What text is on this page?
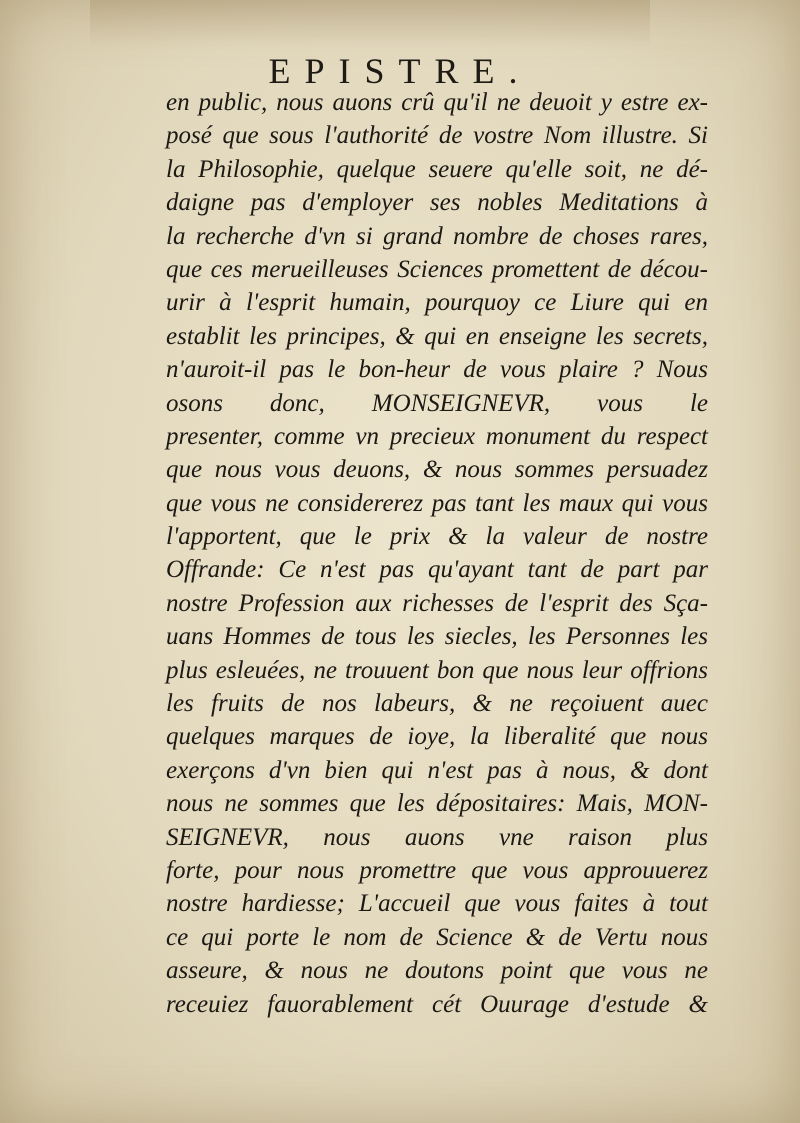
EPISTRE.
en public, nous auons crû qu'il ne deuoit y estre ex-
posé que sous l'authorité de vostre Nom illustre. Si
la Philosophie, quelque seuere qu'elle soit, ne dé-
daigne pas d'employer ses nobles Meditations à
la recherche d'vn si grand nombre de choses rares,
que ces merueilleuses Sciences promettent de décou-
urir à l'esprit humain, pourquoy ce Liure qui en
establit les principes, & qui en enseigne les secrets,
n'auroit-il pas le bon-heur de vous plaire ? Nous
osons donc, MONSEIGNEVR, vous le
presenter, comme vn precieux monument du respect
que nous vous deuons, & nous sommes persuadez
que vous ne considererez pas tant les maux qui vous
l'apportent, que le prix & la valeur de nostre
Offrande: Ce n'est pas qu'ayant tant de part par
nostre Profession aux richesses de l'esprit des Sça-
uans Hommes de tous les siecles, les Personnes les
plus esleuées, ne trouuent bon que nous leur offrions
les fruits de nos labeurs, & ne reçoiuent auec
quelques marques de ioye, la liberalité que nous
exerçons d'vn bien qui n'est pas à nous, & dont
nous ne sommes que les dépositaires: Mais, MON-
SEIGNEVR, nous auons vne raison plus
forte, pour nous promettre que vous approuuerez
nostre hardiesse; L'accueil que vous faites à tout
ce qui porte le nom de Science & de Vertu nous
asseure, & nous ne doutons point que vous ne
receuiez fauorablement cét Ouurage d'estude &
